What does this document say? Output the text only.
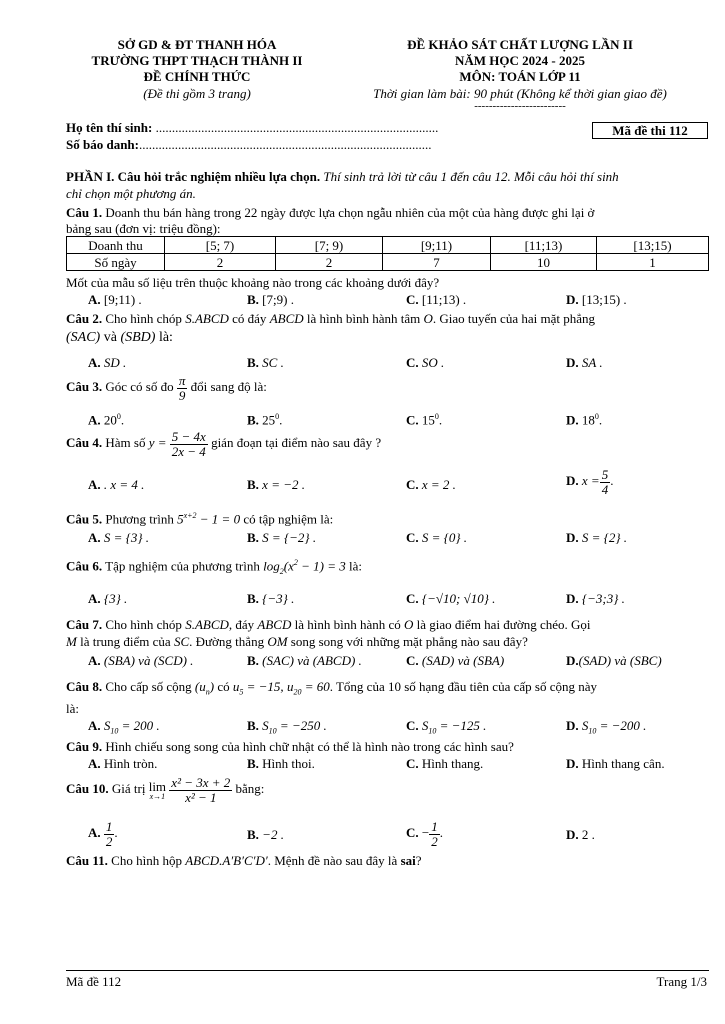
SỞ GD & ĐT THANH HÓA
TRƯỜNG THPT THẠCH THÀNH II
ĐỀ CHÍNH THỨC
(Đề thi gồm 3 trang)
ĐỀ KHẢO SÁT CHẤT LƯỢNG LẦN II
NĂM HỌC 2024 - 2025
MÔN: TOÁN LỚP 11
Thời gian làm bài: 90 phút (Không kể thời gian giao đề)
-------------------------
Họ tên thí sinh: .......................................................................................
Số báo danh:..........................................................................................
Mã đề thi 112
PHẦN I. Câu hỏi trắc nghiệm nhiều lựa chọn. Thí sinh trả lời từ câu 1 đến câu 12. Mỗi câu hỏi thí sinh
chỉ chọn một phương án.
Câu 1. Doanh thu bán hàng trong 22 ngày được lựa chọn ngẫu nhiên của một của hàng được ghi lại ở
bảng sau (đơn vị: triệu đồng):
Doanh thu	[5; 7)	[7; 9)	[9;11)	[11;13)	[13;15)
Số ngày	2	2	7	10	1
Mốt của mẫu số liệu trên thuộc khoảng nào trong các khoảng dưới đây?
A. [9;11) .	B. [7;9) .	C. [11;13) .	D. [13;15) .
Câu 2. Cho hình chóp S.ABCD có đáy ABCD là hình bình hành tâm O. Giao tuyến của hai mặt phẳng
(SAC) và (SBD) là:
A. SD .	B. SC .	C. SO .	D. SA .
Câu 3. Góc có số đo $\frac{\pi}{9}$ đổi sang độ là:
A. $20^0$.	B. $25^0$.	C. $15^0$.	D. $18^0$.
Câu 4. Hàm số $y = \frac{5 - 4x}{2x - 4}$ gián đoạn tại điểm nào sau đây ?
A. . x = 4 .	B. x = −2 .	C. x = 2 .	D. $x = \frac{5}{4}$ .
Câu 5. Phương trình $5^{x+2} - 1 = 0$ có tập nghiệm là:
A. S = {3} .	B. S = {−2} .	C. S = {0} .	D. S = {2} .
Câu 6. Tập nghiệm của phương trình $\log_2(x^2 - 1) = 3$ là:
A. {3} .	B. {−3} .	C. {−√10; √10} .	D. {−3;3} .
Câu 7. Cho hình chóp S.ABCD, đáy ABCD là hình bình hành có O là giao điểm hai đường chéo. Gọi
M là trung điểm của SC. Đường thẳng OM song song với những mặt phẳng nào sau đây?
A. (SBA) và (SCD) .	B. (SAC) và (ABCD) .	C. (SAD) và (SBA)	D.(SAD) và (SBC)
Câu 8. Cho cấp số cộng $(u_n)$ có $u_5 = -15$, $u_{20} = 60$. Tổng của 10 số hạng đầu tiên của cấp số cộng này
là:
A. $S_{10} = 200$ .	B. $S_{10} = -250$ .	C. $S_{10} = -125$ .	D. $S_{10} = -200$ .
Câu 9. Hình chiếu song song của hình chữ nhật có thể là hình nào trong các hình sau?
A. Hình tròn.	B. Hình thoi.	C. Hình thang.	D. Hình thang cân.
Câu 10. Giá trị lim
x→1
$\frac{\text{x² − 3x + 2}}{\text{x² − 1}}$ bằng:
A. $\frac{1}{2}$ .	B. −2 .	C. − $\frac{1}{2}$ .	D. 2 .
Câu 11. Cho hình hộp ABCD.A′B′C′D′. Mệnh đề nào sau đây là sai?
Mã đề 112	Trang 1/3
